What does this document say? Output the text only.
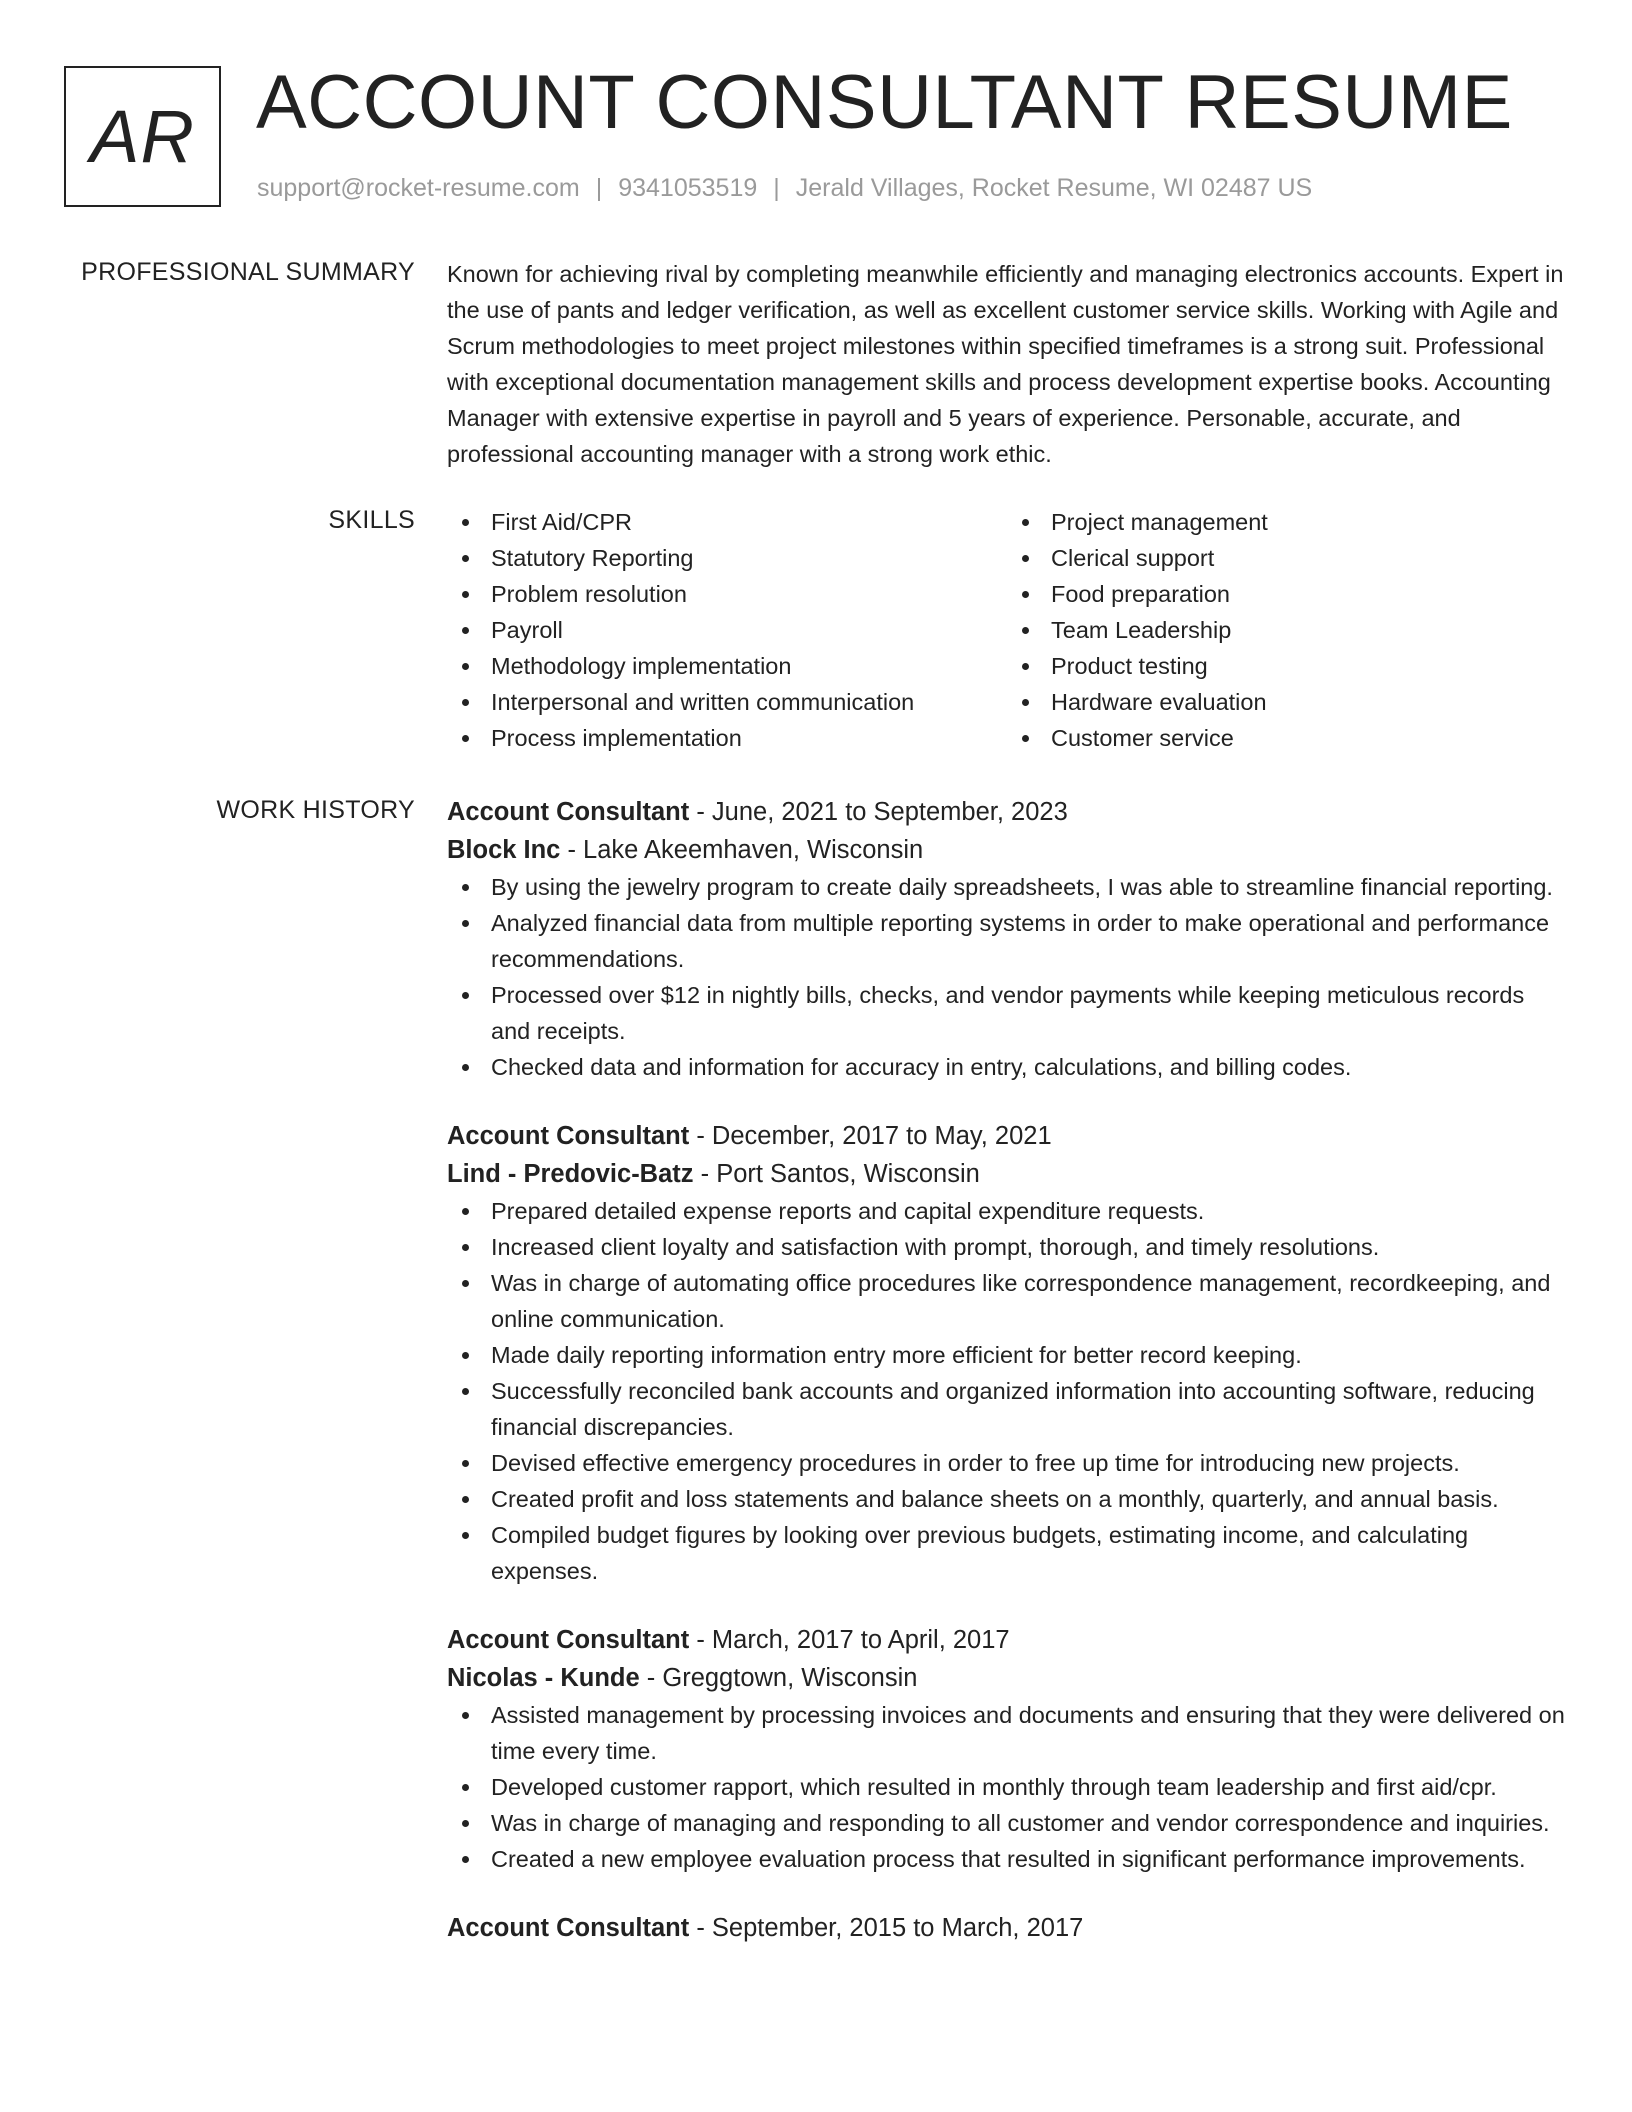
AR ACCOUNT CONSULTANT RESUME
support@rocket-resume.com | 9341053519 | Jerald Villages, Rocket Resume, WI 02487 US
PROFESSIONAL SUMMARY Known for achieving rival by completing meanwhile efficiently and managing electronics accounts. Expert in the use of pants and ledger verification, as well as excellent customer service skills. Working with Agile and Scrum methodologies to meet project milestones within specified timeframes is a strong suit. Professional with exceptional documentation management skills and process development expertise books. Accounting Manager with extensive expertise in payroll and 5 years of experience. Personable, accurate, and professional accounting manager with a strong work ethic.

SKILLS	First Aid/CPR
Statutory Reporting
Problem resolution
Payroll
Methodology implementation
Interpersonal and written communication
Process implementation
Project management
Clerical support
Food preparation
Team Leadership
Product testing
Hardware evaluation
Customer service
WORK HISTORY Account Consultant - June, 2021 to September, 2023
Block Inc - Lake Akeemhaven, Wisconsin
By using the jewelry program to create daily spreadsheets, I was able to streamline financial reporting.
Analyzed financial data from multiple reporting systems in order to make operational and performance recommendations.
Processed over $12 in nightly bills, checks, and vendor payments while keeping meticulous records and receipts.
Checked data and information for accuracy in entry, calculations, and billing codes.
Account Consultant - December, 2017 to May, 2021
Lind - Predovic-Batz - Port Santos, Wisconsin
Prepared detailed expense reports and capital expenditure requests.
Increased client loyalty and satisfaction with prompt, thorough, and timely resolutions.
Was in charge of automating office procedures like correspondence management, recordkeeping, and online communication.
Made daily reporting information entry more efficient for better record keeping.
Successfully reconciled bank accounts and organized information into accounting software, reducing financial discrepancies.
Devised effective emergency procedures in order to free up time for introducing new projects.
Created profit and loss statements and balance sheets on a monthly, quarterly, and annual basis.
Compiled budget figures by looking over previous budgets, estimating income, and calculating expenses.
Account Consultant - March, 2017 to April, 2017
Nicolas - Kunde - Greggtown, Wisconsin
Assisted management by processing invoices and documents and ensuring that they were delivered on time every time.
Developed customer rapport, which resulted in monthly through team leadership and first aid/cpr.
Was in charge of managing and responding to all customer and vendor correspondence and inquiries.
Created a new employee evaluation process that resulted in significant performance improvements.
Account Consultant - September, 2015 to March, 2017
